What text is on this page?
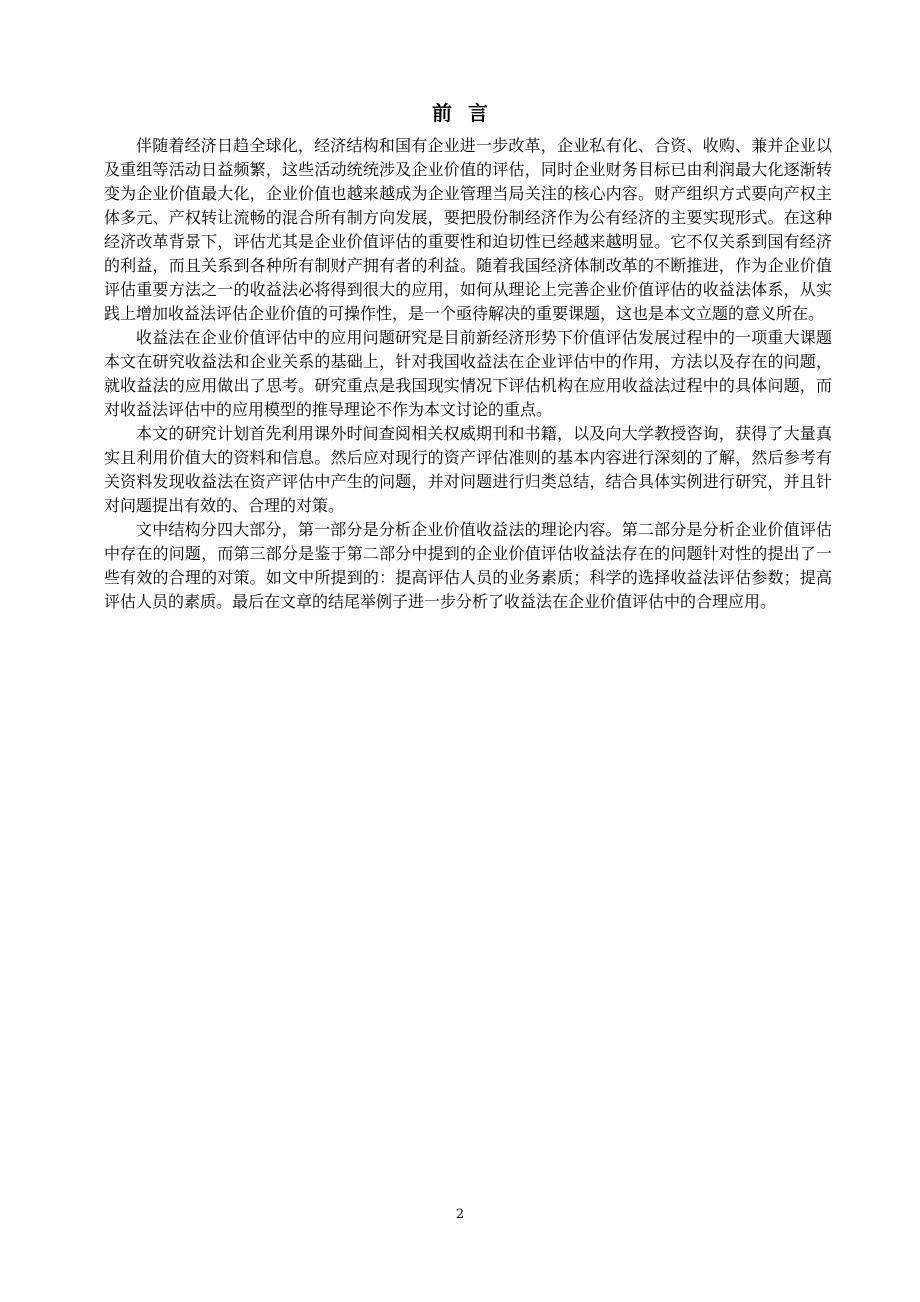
前言

伴随着经济日趋全球化，经济结构和国有企业进一步改革，企业私有化、合资、收购、兼并企业以及重组等活动日益频繁，这些活动统统涉及企业价值的评估，同时企业财务目标已由利润最大化逐渐转变为企业价值最大化，企业价值也越来越成为企业管理当局关注的核心内容。财产组织方式要向产权主体多元、产权转让流畅的混合所有制方向发展，要把股份制经济作为公有经济的主要实现形式。在这种经济改革背景下，评估尤其是企业价值评估的重要性和迫切性已经越来越明显。它不仅关系到国有经济的利益，而且关系到各种所有制财产拥有者的利益。随着我国经济体制改革的不断推进，作为企业价值评估重要方法之一的收益法必将得到很大的应用，如何从理论上完善企业价值评估的收益法体系，从实践上增加收益法评估企业价值的可操作性，是一个亟待解决的重要课题，这也是本文立题的意义所在。

收益法在企业价值评估中的应用问题研究是目前新经济形势下价值评估发展过程中的一项重大课题本文在研究收益法和企业关系的基础上，针对我国收益法在企业评估中的作用，方法以及存在的问题，就收益法的应用做出了思考。研究重点是我国现实情况下评估机构在应用收益法过程中的具体问题，而对收益法评估中的应用模型的推导理论不作为本文讨论的重点。

本文的研究计划首先利用课外时间查阅相关权威期刊和书籍，以及向大学教授咨询，获得了大量真实且利用价值大的资料和信息。然后应对现行的资产评估准则的基本内容进行深刻的了解，然后参考有关资料发现收益法在资产评估中产生的问题，并对问题进行归类总结，结合具体实例进行研究，并且针对问题提出有效的、合理的对策。

文中结构分四大部分，第一部分是分析企业价值收益法的理论内容。第二部分是分析企业价值评估中存在的问题，而第三部分是鉴于第二部分中提到的企业价值评估收益法存在的问题针对性的提出了一些有效的合理的对策。如文中所提到的：提高评估人员的业务素质；科学的选择收益法评估参数；提高评估人员的素质。最后在文章的结尾举例子进一步分析了收益法在企业价值评估中的合理应用。

2
